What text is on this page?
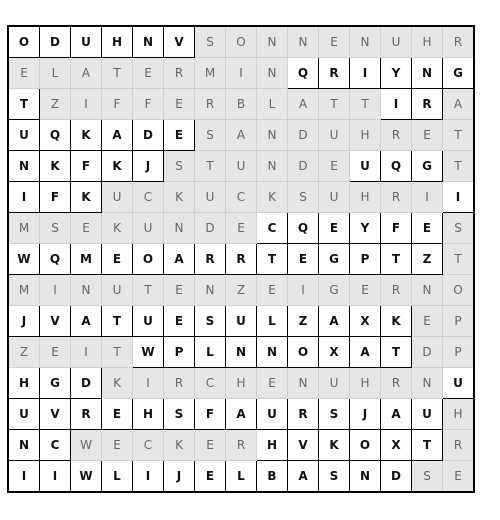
O	D	U	H	N	V	S	O	N	N	E	N	U	H	R
E	L	A	T	E	R	M	I	N	Q	R	I	Y	N	G
T	Z	I	F	F	E	R	B	L	A	T	T	I	R	A
U	Q	K	A	D	E	S	A	N	D	U	H	R	E	T
N	K	F	K	J	S	T	U	N	D	E	U	Q	G	T
I	F	K	U	C	K	U	C	K	S	U	H	R	I	I
M	S	E	K	U	N	D	E	C	Q	E	Y	F	E	S
W	Q	M	E	O	A	R	R	T	E	G	P	T	Z	T
M	I	N	U	T	E	N	Z	E	I	G	E	R	N	O
J	V	A	T	U	E	S	U	L	Z	A	X	K	E	P
Z	E	I	T	W	P	L	N	N	O	X	A	T	D	P
H	G	D	K	I	R	C	H	E	N	U	H	R	N	U
U	V	R	E	H	S	F	A	U	R	S	J	A	U	H
N	C	W	E	C	K	E	R	H	V	K	O	X	T	R
I	I	W	L	I	J	E	L	B	A	S	N	D	S	E
